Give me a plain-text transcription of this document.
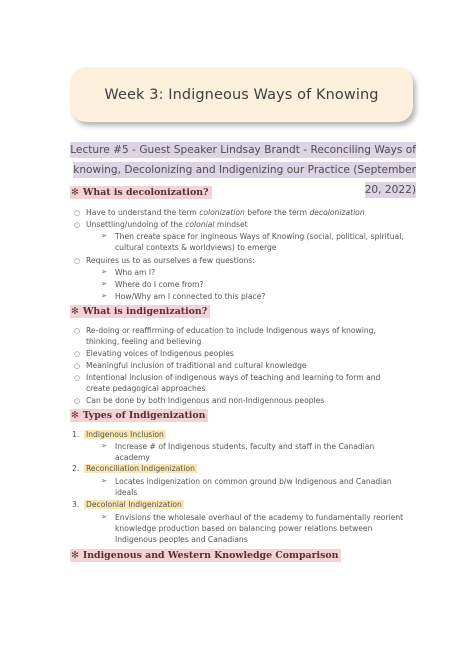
Week 3: Indigneous Ways of Knowing
Lecture #5 - Guest Speaker Lindsay Brandt - Reconciling Ways of knowing, Decolonizing and Indigenizing our Practice (September 20, 2022)
✻ What is decolonization?
○ Have to understand the term colonization before the term decolonization
○ Unsettling/undoing of the colonial mindset
➢ Then create space for ingineous Ways of Knowing (social, political, spiritual,
cultural contexts & worldviews) to emerge
○ Requires us to as ourselves a few questions:
➢ Who am I?
➢ Where do I come from?
➢ How/Why am I connected to this place?
✻ What is indigenization?
○ Re-doing or reaffirming of education to include Indigenous ways of knowing,
thinking, feeling and believing
○ Elevating voices of Indigenous peoples
○ Meaningful inclusion of traditional and cultural knowledge
○ Intentional inclusion of indigenous ways of teaching and learning to form and
create pedagogical approaches
○ Can be done by both Indigenous and non-Indigennous peoples
✻ Types of Indigenization
1. Indigenous Inclusion
➢ Increase # of Indigenous students, faculty and staff in the Canadian
academy
2. Reconciliation Indigenization
➢ Locates indigenization on common ground b/w Indigenous and Canadian
ideals
3. Decolonial Indigenization
➢ Envisions the wholesale overhaul of the academy to fundamentally reorient
knowledge production based on balancing power relations between
Indigenous peoples and Canadians
✻ Indigenous and Western Knowledge Comparison
